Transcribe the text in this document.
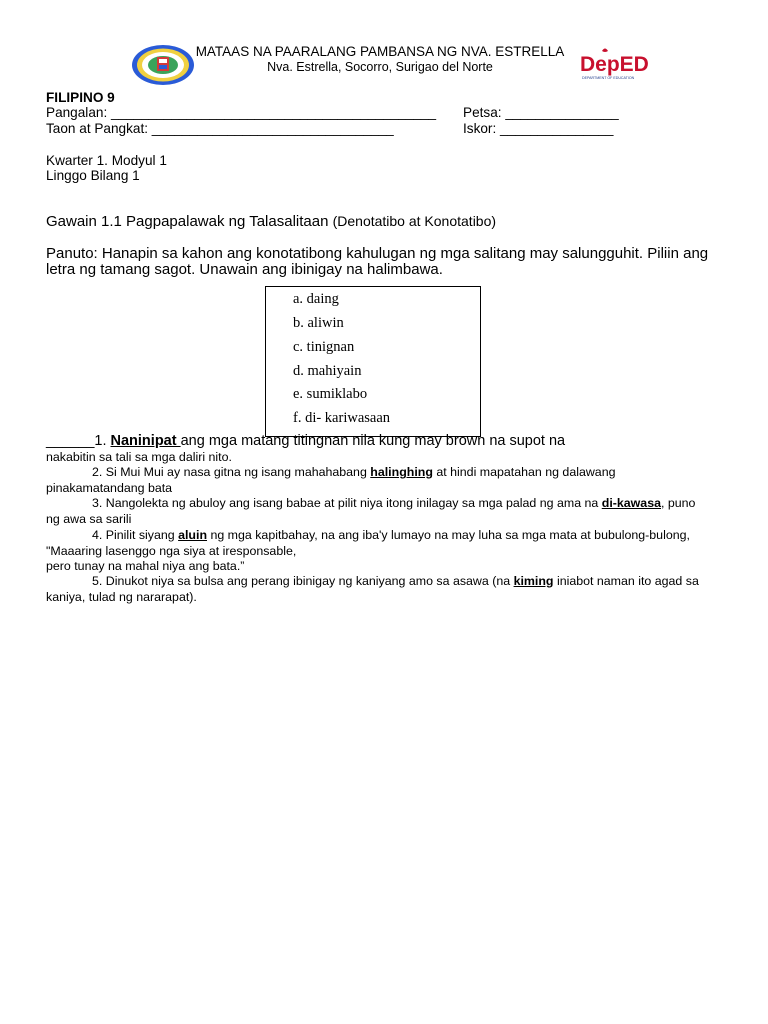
DepED
DEPARTMENT OF EDUCATION
MATAAS NA PAARALANG PAMBANSA NG NVA. ESTRELLA
Nva. Estrella, Socorro, Surigao del Norte
FILIPINO 9
Pangalan: ___________________________________________ Petsa: _______________
Taon at Pangkat: ________________________________	Iskor: _______________
Kwarter 1. Modyul 1
Linggo Bilang 1
Gawain 1.1 Pagpapalawak ng Talasalitaan (Denotatibo at Konotatibo)
Panuto: Hanapin sa kahon ang konotatibong kahulugan ng mga salitang may salungguhit. Piliin ang
letra ng tamang sagot. Unawain ang ibinigay na halimbawa.
a. daing
b. aliwin
c. tinignan
d. mahiyain
e. sumiklabo
f. di- kariwasaan
______1. Naninipat ang mga matang titingnan nila kung may brown na supot na
nakabitin sa tali sa mga daliri nito.
2. Si Mui Mui ay nasa gitna ng isang mahahabang halinghing at hindi mapatahan ng dalawang
pinakamatandang bata
3. Nangolekta ng abuloy ang isang babae at pilit niya itong inilagay sa mga palad ng ama na di-kawasa, puno
ng awa sa sarili
4. Pinilit siyang aluin ng mga kapitbahay, na ang iba'y lumayo na may luha sa mga mata at bubulong-bulong,
"Maaaring lasenggo nga siya at iresponsable,
pero tunay na mahal niya ang bata.”
5. Dinukot niya sa bulsa ang perang ibinigay ng kaniyang amo sa asawa (na kiming iniabot naman ito agad sa
kaniya, tulad ng nararapat).
